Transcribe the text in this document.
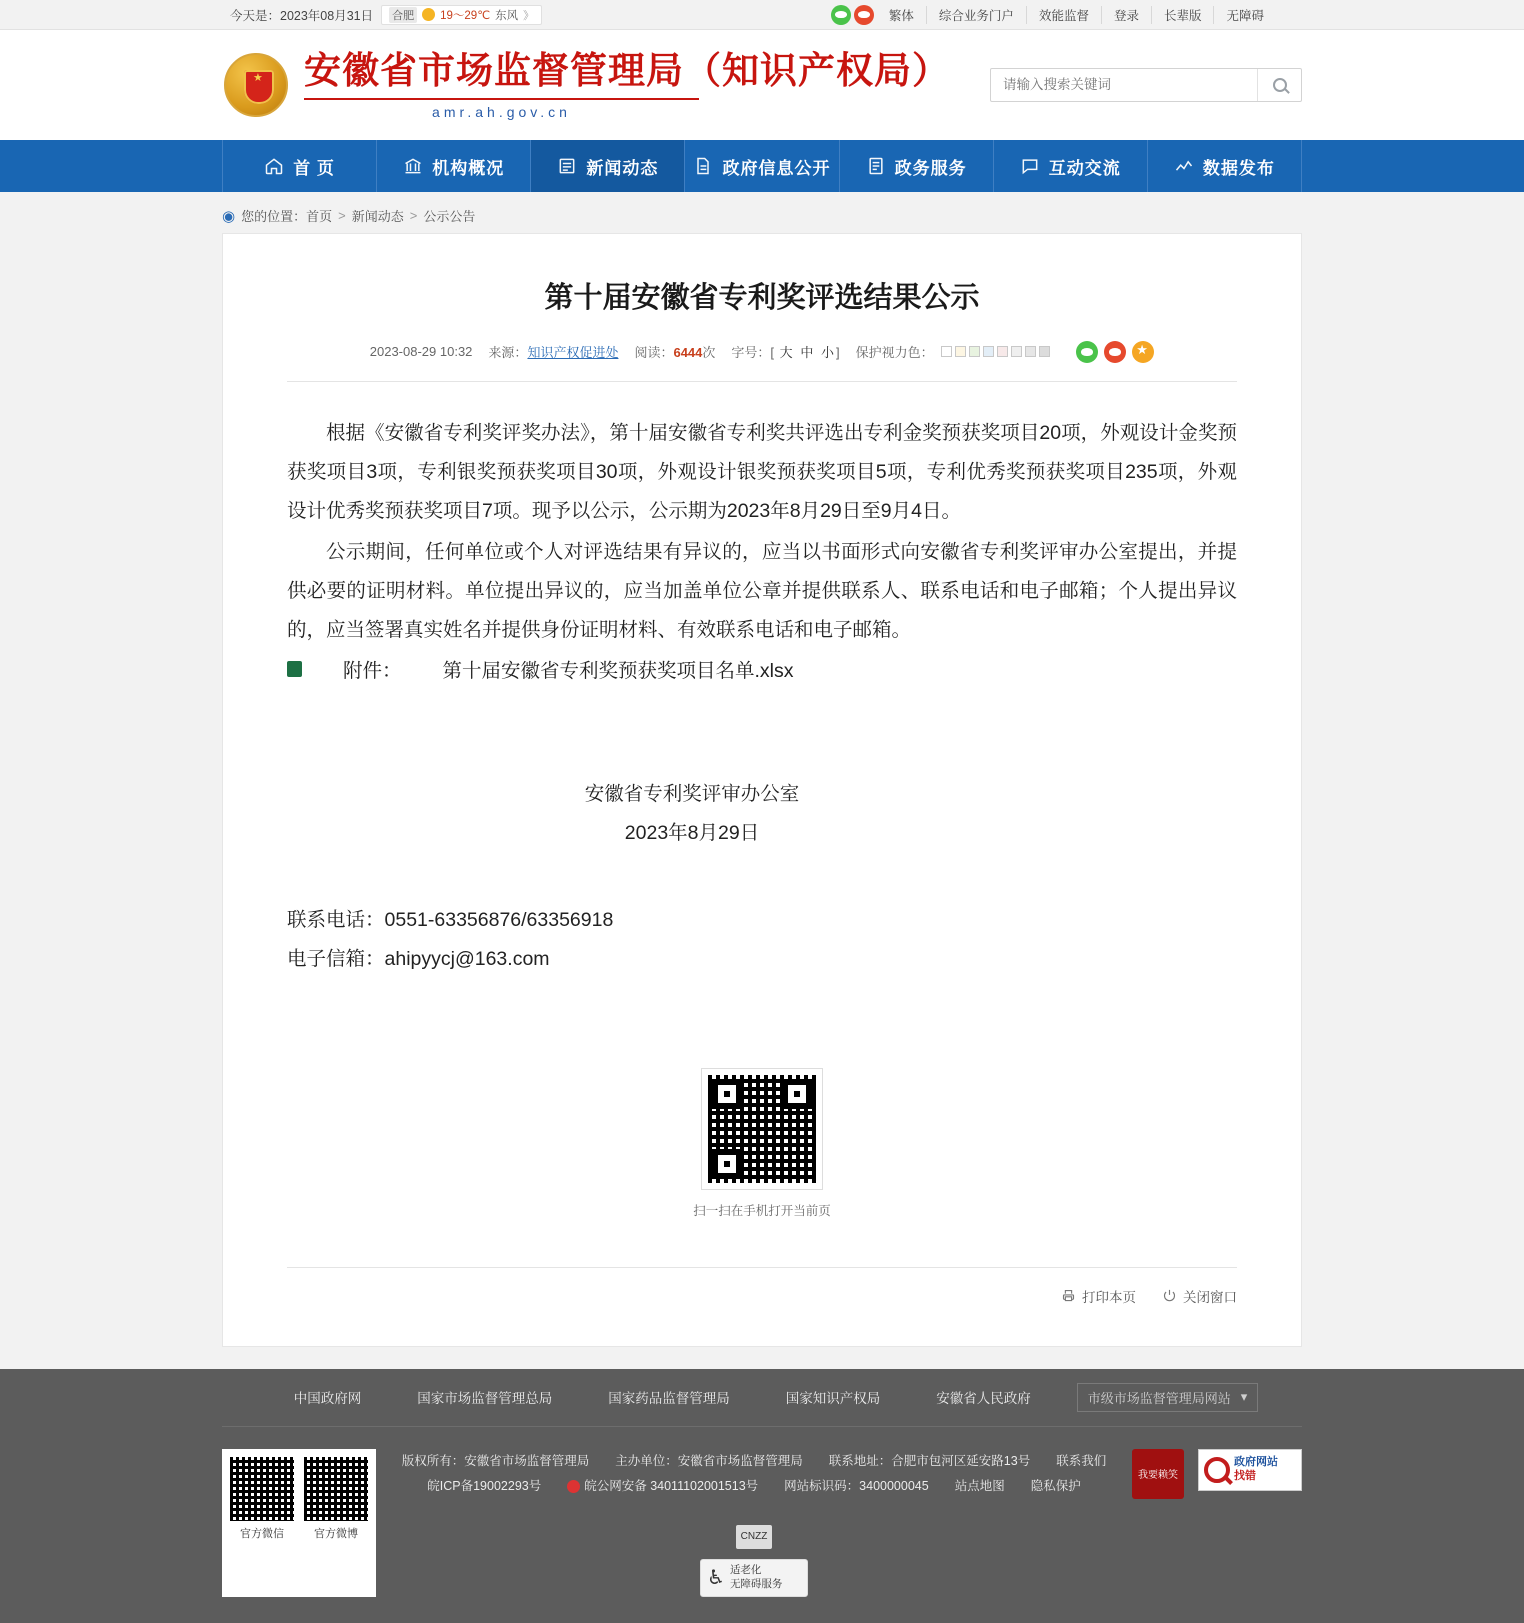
今天是：2023年08月31日 合肥 19～29℃ 东风 》	繁体	综合业务门户	效能监督	登录	长辈版	无障碍
★ 安徽省市场监督管理局（知识产权局）
amr.ah.gov.cn
请输入搜索关键词
首 页	机构概况	新闻动态	政府信息公开	政务服务	互动交流	数据发布
◉ 您的位置： 首页 > 新闻动态 > 公示公告
第十届安徽省专利奖评选结果公示
2023-08-29 10:32 来源：知识产权促进处 阅读：6444次 字号：[ 大 中 小 ] 保护视力色：
★

根据《安徽省专利奖评奖办法》，第十届安徽省专利奖共评选出专利金奖预获奖项目20项，外观设计金奖预获奖项目3项，专利银奖预获奖项目30项，外观设计银奖预获奖项目5项，专利优秀奖预获奖项目235项，外观设计优秀奖预获奖项目7项。现予以公示，公示期为2023年8月29日至9月4日。

公示期间，任何单位或个人对评选结果有异议的，应当以书面形式向安徽省专利奖评审办公室提出，并提供必要的证明材料。单位提出异议的，应当加盖单位公章并提供联系人、联系电话和电子邮箱；个人提出异议的，应当签署真实姓名并提供身份证明材料、有效联系电话和电子邮箱。

X	附件：	第十届安徽省专利奖预获奖项目名单.xlsx

安徽省专利奖评审办公室
2023年8月29日
联系电话：0551-63356876/63356918
电子信箱：ahipyycj@163.com
扫一扫在手机打开当前页
打印本页	关闭窗口
中国政府网	国家市场监督管理总局	国家药品监督管理局	国家知识产权局	安徽省人民政府	市级市场监督管理局网站 ▾
官方微信	官方微博
版权所有：安徽省市场监督管理局 主办单位：安徽省市场监督管理局 联系地址：合肥市包河区延安路13号 联系我们
皖ICP备19002293号	皖公网安备 34011102001513号 网站标识码：3400000045 站点地图 隐私保护
CNZZ
♿ 适老化
无障碍服务
我要赖笑
政府网站
找错
